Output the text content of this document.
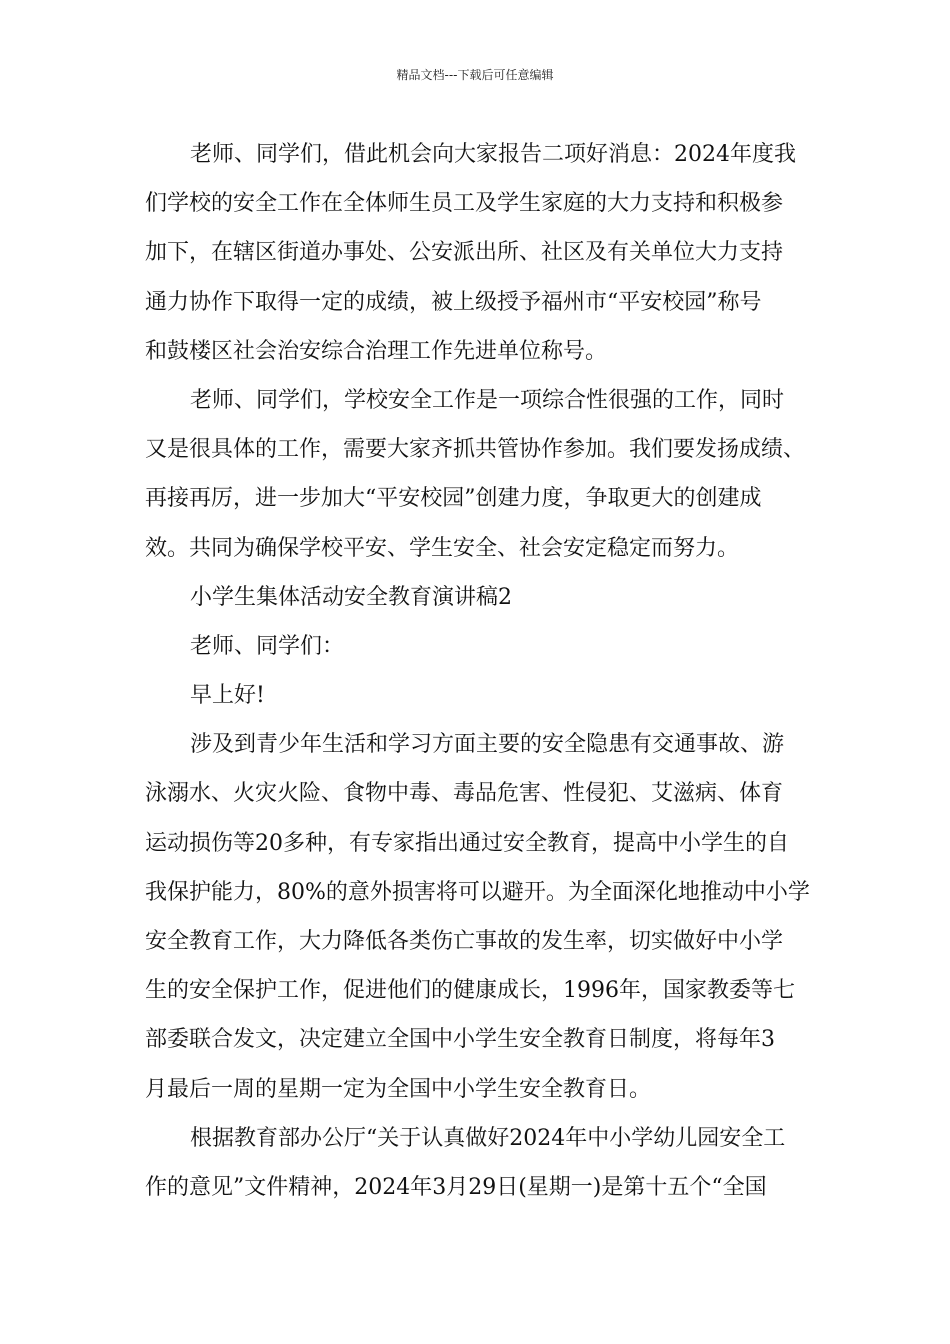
精品文档---下载后可任意编辑
老师、同学们，借此机会向大家报告二项好消息：2024年度我
们学校的安全工作在全体师生员工及学生家庭的大力支持和积极参
加下，在辖区街道办事处、公安派出所、社区及有关单位大力支持
通力协作下取得一定的成绩，被上级授予福州市“平安校园”称号
和鼓楼区社会治安综合治理工作先进单位称号。
老师、同学们，学校安全工作是一项综合性很强的工作，同时
又是很具体的工作，需要大家齐抓共管协作参加。我们要发扬成绩、
再接再厉，进一步加大“平安校园”创建力度，争取更大的创建成
效。共同为确保学校平安、学生安全、社会安定稳定而努力。
小学生集体活动安全教育演讲稿2
老师、同学们：
早上好!
涉及到青少年生活和学习方面主要的安全隐患有交通事故、游
泳溺水、火灾火险、食物中毒、毒品危害、性侵犯、艾滋病、体育
运动损伤等20多种，有专家指出通过安全教育，提高中小学生的自
我保护能力，80%的意外损害将可以避开。为全面深化地推动中小学
安全教育工作，大力降低各类伤亡事故的发生率，切实做好中小学
生的安全保护工作，促进他们的健康成长，1996年，国家教委等七
部委联合发文，决定建立全国中小学生安全教育日制度，将每年3
月最后一周的星期一定为全国中小学生安全教育日。
根据教育部办公厅“关于认真做好2024年中小学幼儿园安全工
作的意见”文件精神，2024年3月29日(星期一)是第十五个“全国
